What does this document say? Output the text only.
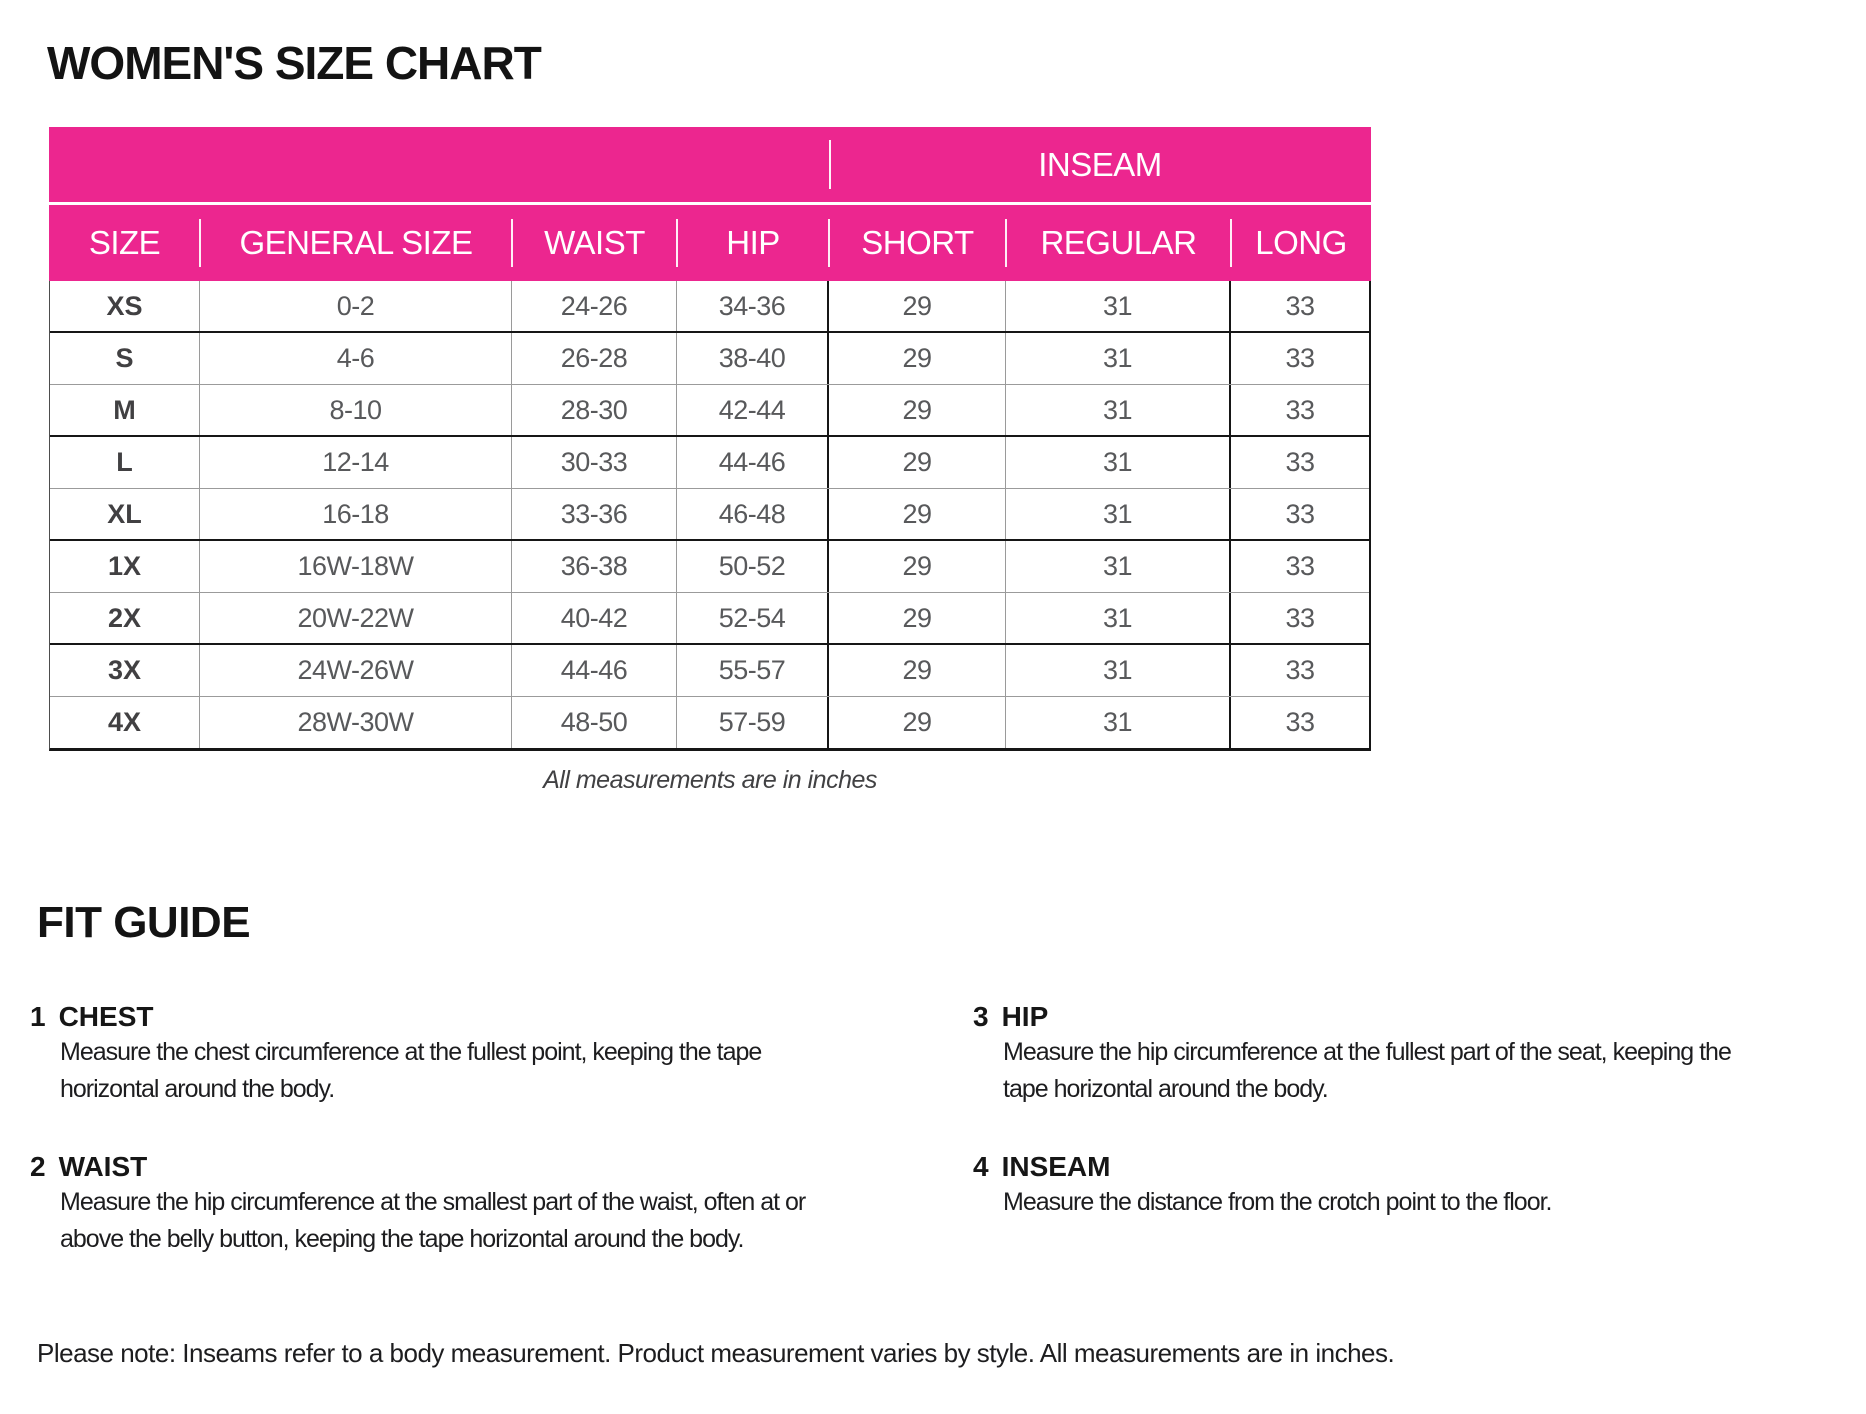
WOMEN'S SIZE CHART
INSEAM
SIZE	GENERAL SIZE	WAIST	HIP	SHORT	REGULAR	LONG
XS	0-2	24-26	34-36	29	31	33
S	4-6	26-28	38-40	29	31	33
M	8-10	28-30	42-44	29	31	33
L	12-14	30-33	44-46	29	31	33
XL	16-18	33-36	46-48	29	31	33
1X	16W-18W	36-38	50-52	29	31	33
2X	20W-22W	40-42	52-54	29	31	33
3X	24W-26W	44-46	55-57	29	31	33
4X	28W-30W	48-50	57-59	29	31	33
All measurements are in inches
FIT GUIDE
1 CHEST
Measure the chest circumference at the fullest point, keeping the tape
horizontal around the body.
2 WAIST
Measure the hip circumference at the smallest part of the waist, often at or
above the belly button, keeping the tape horizontal around the body.
3 HIP
Measure the hip circumference at the fullest part of the seat, keeping the
tape horizontal around the body.
4 INSEAM
Measure the distance from the crotch point to the floor.
Please note: Inseams refer to a body measurement. Product measurement varies by style. All measurements are in inches.
